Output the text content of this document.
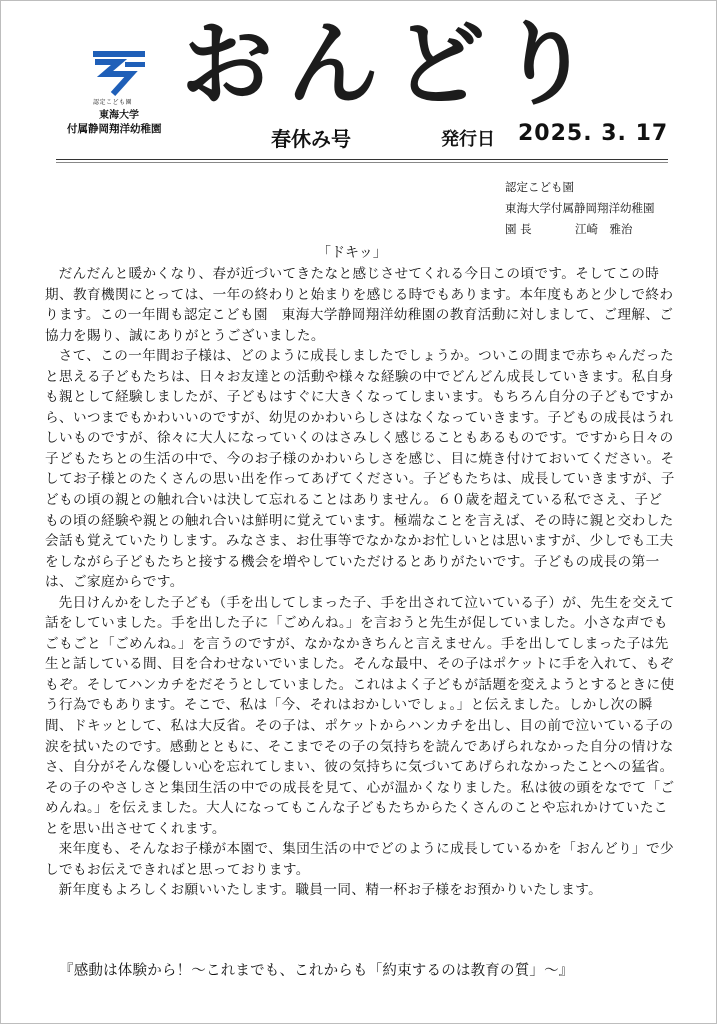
認定こども園
東海大学
付属静岡翔洋幼稚園
おんどり
春休み号	発行日 2025. 3. 17
認定こども園
東海大学付属静岡翔洋幼稚園
園 長	江崎　雅治
「ドキッ」

だんだんと暖かくなり、春が近づいてきたなと感じさせてくれる今日この頃です。そしてこの時期、教育機関にとっては、一年の終わりと始まりを感じる時でもあります。本年度もあと少しで終わります。この一年間も認定こども園　東海大学静岡翔洋幼稚園の教育活動に対しまして、ご理解、ご協力を賜り、誠にありがとうございました。

さて、この一年間お子様は、どのように成長しましたでしょうか。ついこの間まで赤ちゃんだったと思える子どもたちは、日々お友達との活動や様々な経験の中でどんどん成長していきます。私自身も親として経験しましたが、子どもはすぐに大きくなってしまいます。もちろん自分の子どもですから、いつまでもかわいいのですが、幼児のかわいらしさはなくなっていきます。子どもの成長はうれしいものですが、徐々に大人になっていくのはさみしく感じることもあるものです。ですから日々の子どもたちとの生活の中で、今のお子様のかわいらしさを感じ、目に焼き付けておいてください。そしてお子様とのたくさんの思い出を作ってあげてください。子どもたちは、成長していきますが、子どもの頃の親との触れ合いは決して忘れることはありません。６０歳を超えている私でさえ、子どもの頃の経験や親との触れ合いは鮮明に覚えています。極端なことを言えば、その時に親と交わした会話も覚えていたりします。みなさま、お仕事等でなかなかお忙しいとは思いますが、少しでも工夫をしながら子どもたちと接する機会を増やしていただけるとありがたいです。子どもの成長の第一は、ご家庭からです。

先日けんかをした子ども（手を出してしまった子、手を出されて泣いている子）が、先生を交えて話をしていました。手を出した子に「ごめんね。」を言おうと先生が促していました。小さな声でもごもごと「ごめんね。」を言うのですが、なかなかきちんと言えません。手を出してしまった子は先生と話している間、目を合わせないでいました。そんな最中、その子はポケットに手を入れて、もぞもぞ。そしてハンカチをだそうとしていました。これはよく子どもが話題を変えようとするときに使う行為でもあります。そこで、私は「今、それはおかしいでしょ。」と伝えました。しかし次の瞬間、ドキッとして、私は大反省。その子は、ポケットからハンカチを出し、目の前で泣いている子の涙を拭いたのです。感動とともに、そこまでその子の気持ちを読んであげられなかった自分の情けなさ、自分がそんな優しい心を忘れてしまい、彼の気持ちに気づいてあげられなかったことへの猛省。その子のやさしさと集団生活の中での成長を見て、心が温かくなりました。私は彼の頭をなでて「ごめんね。」を伝えました。大人になってもこんな子どもたちからたくさんのことや忘れかけていたことを思い出させてくれます。

来年度も、そんなお子様が本園で、集団生活の中でどのように成長しているかを「おんどり」で少しでもお伝えできればと思っております。

新年度もよろしくお願いいたします。職員一同、精一杯お子様をお預かりいたします。

『感動は体験から！～これまでも、これからも「約束するのは教育の質」～』
